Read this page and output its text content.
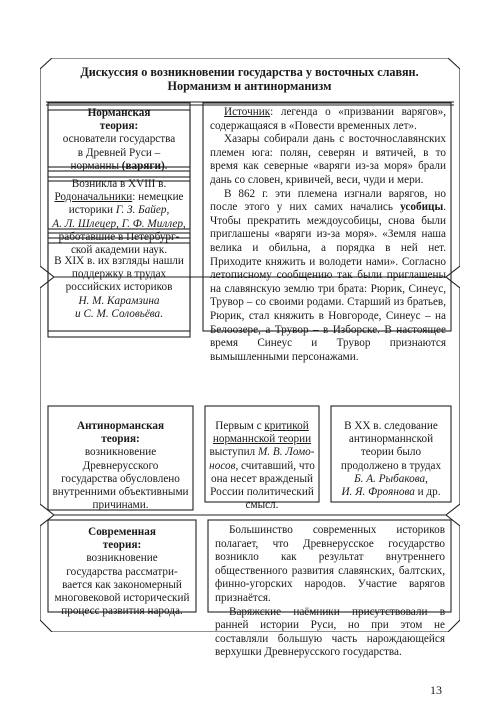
Дискуссия о возникновении государства у восточных славян.
Норманизм и антинорманизм
Норманская
теория:
основатели государства
в Древней Руси –
норманны (варяги).
Возникла в XVIII в.
Родоначальники: немецкие
историки Г. З. Байер,
А. Л. Шлецер, Г. Ф. Миллер,
работавшие в Петербург-
ской академии наук.
В XIX в. их взгляды нашли
поддержку в трудах
российских историков
Н. М. Карамзина
и С. М. Соловьёва.

Источник: легенда о «призвании варягов», содержащаяся в «Повести временных лет».

Хазары собирали дань с восточнославянских племен юга: полян, северян и вятичей, в то время как северные «варяги из-за моря» брали дань со словен, кривичей, веси, чуди и мери.

В 862 г. эти племена изгнали варягов, но после этого у них самих начались усобицы. Чтобы прекратить междоусобицы, снова были приглашены «варяги из-за моря». «Земля наша велика и обильна, а порядка в ней нет. Приходите княжить и володети нами». Согласно летописному сообщению так были приглашены на славянскую землю три брата: Рюрик, Синеус, Трувор – со своими родами. Старший из братьев, Рюрик, стал княжить в Новгороде, Синеус – на Белоозере, а Трувор – в Изборске. В настоящее время Синеус и Трувор признаются вымышленными персонажами.

Антинорманская
теория:
возникновение
Древнерусского
государства обусловлено
внутренними объективными
причинами.
Первым с критикой
норманнской теории
выступил М. В. Ломо-
носов, считавший, что
она несет вражденый
России политический
смысл.
В XX в. следование
антинорманнской
теории было
продолжено в трудах
Б. А. Рыбакова,
И. Я. Фроянова и др.
Современная
теория:
возникновение
государства рассматри-
вается как закономерный
многовековой исторический
процесс развития народа.

Большинство современных историков полагает, что Древнерусское государство возникло как результат внутреннего общественного развития славянских, балтских, финно-угорских народов. Участие варягов признаётся.

Варяжские наёмники присутствовали в ранней истории Руси, но при этом не составляли большую часть нарождающейся верхушки Древнерусского государства.

13
